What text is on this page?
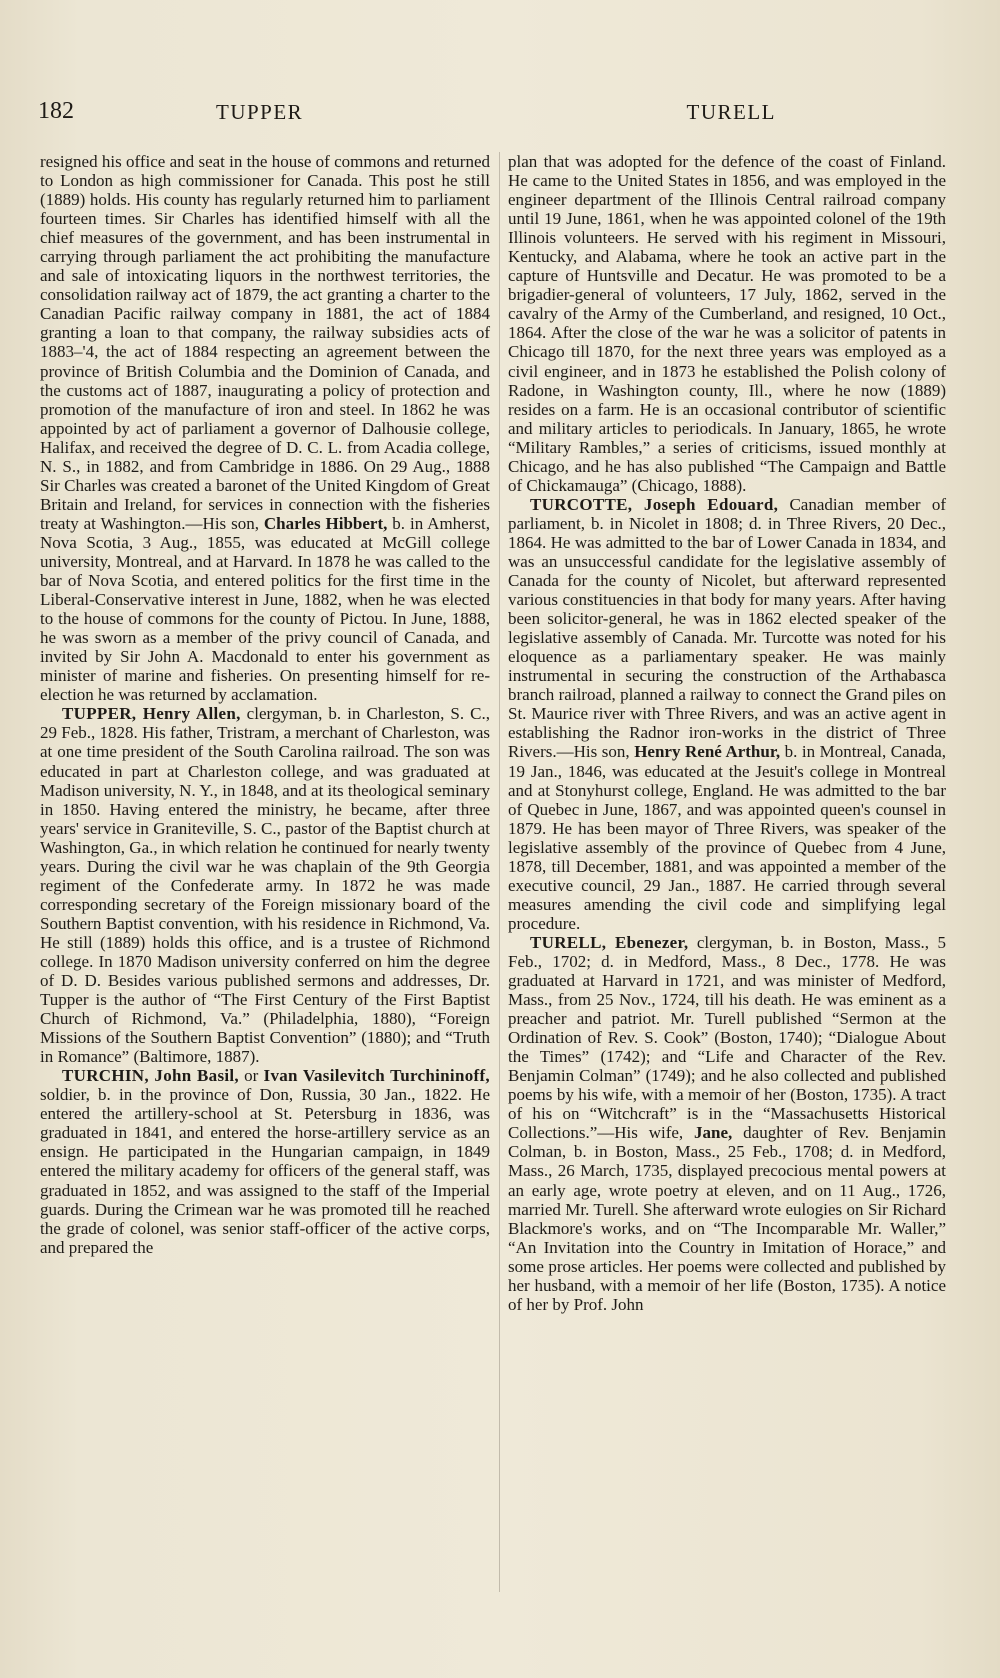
182	TUPPER	TURELL

resigned his office and seat in the house of commons and returned to London as high commissioner for Canada. This post he still (1889) holds. His county has regularly returned him to parliament fourteen times. Sir Charles has identified himself with all the chief measures of the government, and has been instrumental in carrying through parliament the act prohibiting the manufacture and sale of intoxicating liquors in the northwest territories, the consolidation railway act of 1879, the act granting a charter to the Canadian Pacific railway company in 1881, the act of 1884 granting a loan to that company, the railway subsidies acts of 1883–'4, the act of 1884 respecting an agreement between the province of British Columbia and the Dominion of Canada, and the customs act of 1887, inaugurating a policy of protection and promotion of the manufacture of iron and steel. In 1862 he was appointed by act of parliament a governor of Dalhousie college, Halifax, and received the degree of D. C. L. from Acadia college, N. S., in 1882, and from Cambridge in 1886. On 29 Aug., 1888 Sir Charles was created a baronet of the United Kingdom of Great Britain and Ireland, for services in connection with the fisheries treaty at Washington.—His son, Charles Hibbert, b. in Amherst, Nova Scotia, 3 Aug., 1855, was educated at McGill college university, Montreal, and at Harvard. In 1878 he was called to the bar of Nova Scotia, and entered politics for the first time in the Liberal-Conservative interest in June, 1882, when he was elected to the house of commons for the county of Pictou. In June, 1888, he was sworn as a member of the privy council of Canada, and invited by Sir John A. Macdonald to enter his government as minister of marine and fisheries. On presenting himself for re-election he was returned by acclamation.

TUPPER, Henry Allen, clergyman, b. in Charleston, S. C., 29 Feb., 1828. His father, Tristram, a merchant of Charleston, was at one time president of the South Carolina railroad. The son was educated in part at Charleston college, and was graduated at Madison university, N. Y., in 1848, and at its theological seminary in 1850. Having entered the ministry, he became, after three years' service in Graniteville, S. C., pastor of the Baptist church at Washington, Ga., in which relation he continued for nearly twenty years. During the civil war he was chaplain of the 9th Georgia regiment of the Confederate army. In 1872 he was made corresponding secretary of the Foreign missionary board of the Southern Baptist convention, with his residence in Richmond, Va. He still (1889) holds this office, and is a trustee of Richmond college. In 1870 Madison university conferred on him the degree of D. D. Besides various published sermons and addresses, Dr. Tupper is the author of “The First Century of the First Baptist Church of Richmond, Va.” (Philadelphia, 1880), “Foreign Missions of the Southern Baptist Convention” (1880); and “Truth in Romance” (Baltimore, 1887).

TURCHIN, John Basil, or Ivan Vasilevitch Turchininoff, soldier, b. in the province of Don, Russia, 30 Jan., 1822. He entered the artillery-school at St. Petersburg in 1836, was graduated in 1841, and entered the horse-artillery service as an ensign. He participated in the Hungarian campaign, in 1849 entered the military academy for officers of the general staff, was graduated in 1852, and was assigned to the staff of the Imperial guards. During the Crimean war he was promoted till he reached the grade of colonel, was senior staff-officer of the active corps, and prepared the

plan that was adopted for the defence of the coast of Finland. He came to the United States in 1856, and was employed in the engineer department of the Illinois Central railroad company until 19 June, 1861, when he was appointed colonel of the 19th Illinois volunteers. He served with his regiment in Missouri, Kentucky, and Alabama, where he took an active part in the capture of Huntsville and Decatur. He was promoted to be a brigadier-general of volunteers, 17 July, 1862, served in the cavalry of the Army of the Cumberland, and resigned, 10 Oct., 1864. After the close of the war he was a solicitor of patents in Chicago till 1870, for the next three years was employed as a civil engineer, and in 1873 he established the Polish colony of Radone, in Washington county, Ill., where he now (1889) resides on a farm. He is an occasional contributor of scientific and military articles to periodicals. In January, 1865, he wrote “Military Rambles,” a series of criticisms, issued monthly at Chicago, and he has also published “The Campaign and Battle of Chickamauga” (Chicago, 1888).

TURCOTTE, Joseph Edouard, Canadian member of parliament, b. in Nicolet in 1808; d. in Three Rivers, 20 Dec., 1864. He was admitted to the bar of Lower Canada in 1834, and was an unsuccessful candidate for the legislative assembly of Canada for the county of Nicolet, but afterward represented various constituencies in that body for many years. After having been solicitor-general, he was in 1862 elected speaker of the legislative assembly of Canada. Mr. Turcotte was noted for his eloquence as a parliamentary speaker. He was mainly instrumental in securing the construction of the Arthabasca branch railroad, planned a railway to connect the Grand piles on St. Maurice river with Three Rivers, and was an active agent in establishing the Radnor iron-works in the district of Three Rivers.—His son, Henry René Arthur, b. in Montreal, Canada, 19 Jan., 1846, was educated at the Jesuit's college in Montreal and at Stonyhurst college, England. He was admitted to the bar of Quebec in June, 1867, and was appointed queen's counsel in 1879. He has been mayor of Three Rivers, was speaker of the legislative assembly of the province of Quebec from 4 June, 1878, till December, 1881, and was appointed a member of the executive council, 29 Jan., 1887. He carried through several measures amending the civil code and simplifying legal procedure.

TURELL, Ebenezer, clergyman, b. in Boston, Mass., 5 Feb., 1702; d. in Medford, Mass., 8 Dec., 1778. He was graduated at Harvard in 1721, and was minister of Medford, Mass., from 25 Nov., 1724, till his death. He was eminent as a preacher and patriot. Mr. Turell published “Sermon at the Ordination of Rev. S. Cook” (Boston, 1740); “Dialogue About the Times” (1742); and “Life and Character of the Rev. Benjamin Colman” (1749); and he also collected and published poems by his wife, with a memoir of her (Boston, 1735). A tract of his on “Witchcraft” is in the “Massachusetts Historical Collections.”—His wife, Jane, daughter of Rev. Benjamin Colman, b. in Boston, Mass., 25 Feb., 1708; d. in Medford, Mass., 26 March, 1735, displayed precocious mental powers at an early age, wrote poetry at eleven, and on 11 Aug., 1726, married Mr. Turell. She afterward wrote eulogies on Sir Richard Blackmore's works, and on “The Incomparable Mr. Waller,” “An Invitation into the Country in Imitation of Horace,” and some prose articles. Her poems were collected and published by her husband, with a memoir of her life (Boston, 1735). A notice of her by Prof. John
